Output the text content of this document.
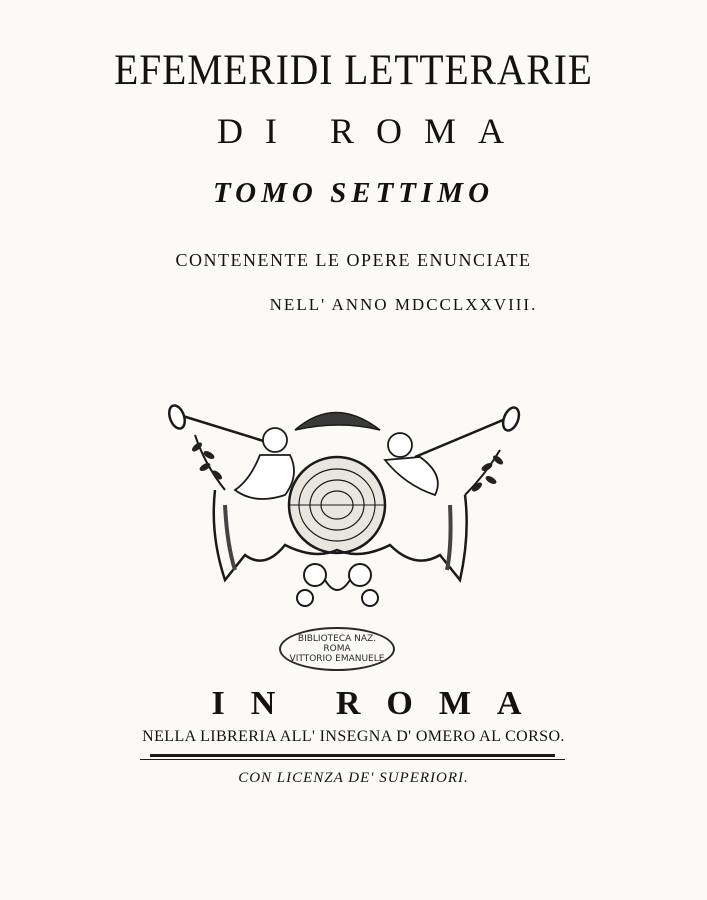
EFEMERIDI LETTERARIE
DI ROMA
TOMO SETTIMO
CONTENENTE LE OPERE ENUNCIATE
NELL' ANNO MDCCLXXVIII.
BIBLIOTECA NAZ.
ROMA
VITTORIO EMANUELE
IN ROMA
NELLA LIBRERIA ALL' INSEGNA D' OMERO AL CORSO.
CON LICENZA DE' SUPERIORI.
